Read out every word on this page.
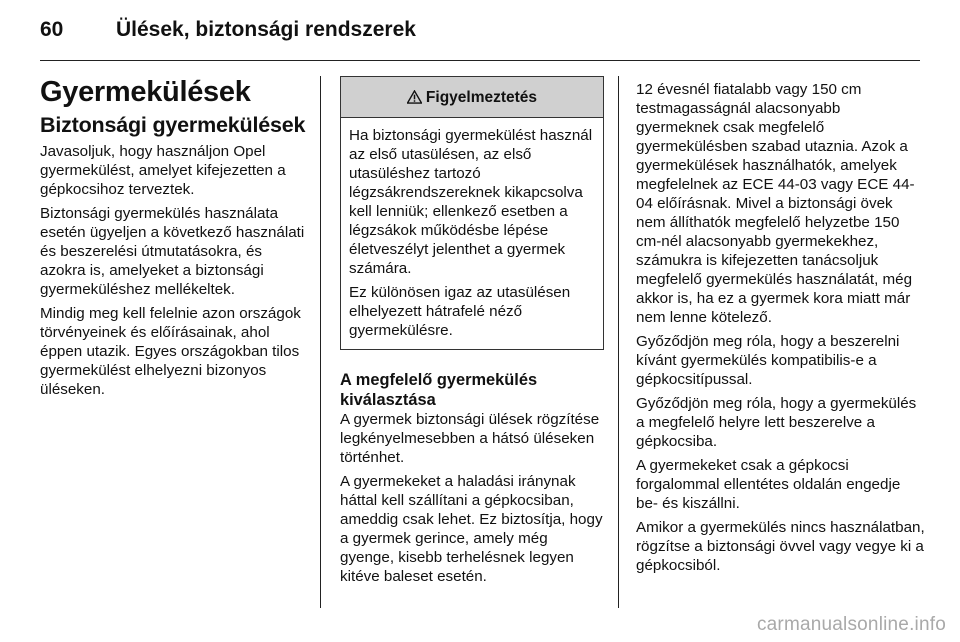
60	Ülések, biztonsági rendszerek
Gyermekülések
Biztonsági gyermekülések

Javasoljuk, hogy használjon Opel gyermekülést, amelyet kifejezetten a gépkocsihoz terveztek.

Biztonsági gyermekülés használata esetén ügyeljen a következő használati és beszerelési útmutatásokra, és azokra is, amelyeket a biztonsági gyermeküléshez mellékeltek.

Mindig meg kell felelnie azon országok törvényeinek és előírásainak, ahol éppen utazik. Egyes országokban tilos gyermekülést elhelyezni bizonyos üléseken.

Figyelmeztetés

Ha biztonsági gyermekülést használ az első utasülésen, az első utasüléshez tartozó légzsákrendszereknek kikapcsolva kell lenniük; ellenkező esetben a légzsákok működésbe lépése életveszélyt jelenthet a gyermek számára.

Ez különösen igaz az utasülésen elhelyezett hátrafelé néző gyermekülésre.

A megfelelő gyermekülés kiválasztása

A gyermek biztonsági ülések rögzítése legkényelmesebben a hátsó üléseken történhet.

A gyermekeket a haladási iránynak háttal kell szállítani a gépkocsiban, ameddig csak lehet. Ez biztosítja, hogy a gyermek gerince, amely még gyenge, kisebb terhelésnek legyen kitéve baleset esetén.

12 évesnél fiatalabb vagy 150 cm testmagasságnál alacsonyabb gyermeknek csak megfelelő gyermekülésben szabad utaznia. Azok a gyermekülések használhatók, amelyek megfelelnek az ECE 44-03 vagy ECE 44-04 előírásnak. Mivel a biztonsági övek nem állíthatók megfelelő helyzetbe 150 cm-nél alacsonyabb gyermekekhez, számukra is kifejezetten tanácsoljuk megfelelő gyermekülés használatát, még akkor is, ha ez a gyermek kora miatt már nem lenne kötelező.

Győződjön meg róla, hogy a beszerelni kívánt gyermekülés kompatibilis-e a gépkocsitípussal.

Győződjön meg róla, hogy a gyermekülés a megfelelő helyre lett beszerelve a gépkocsiba.

A gyermekeket csak a gépkocsi forgalommal ellentétes oldalán engedje be- és kiszállni.

Amikor a gyermekülés nincs használatban, rögzítse a biztonsági övvel vagy vegye ki a gépkocsiból.

carmanualsonline.info
